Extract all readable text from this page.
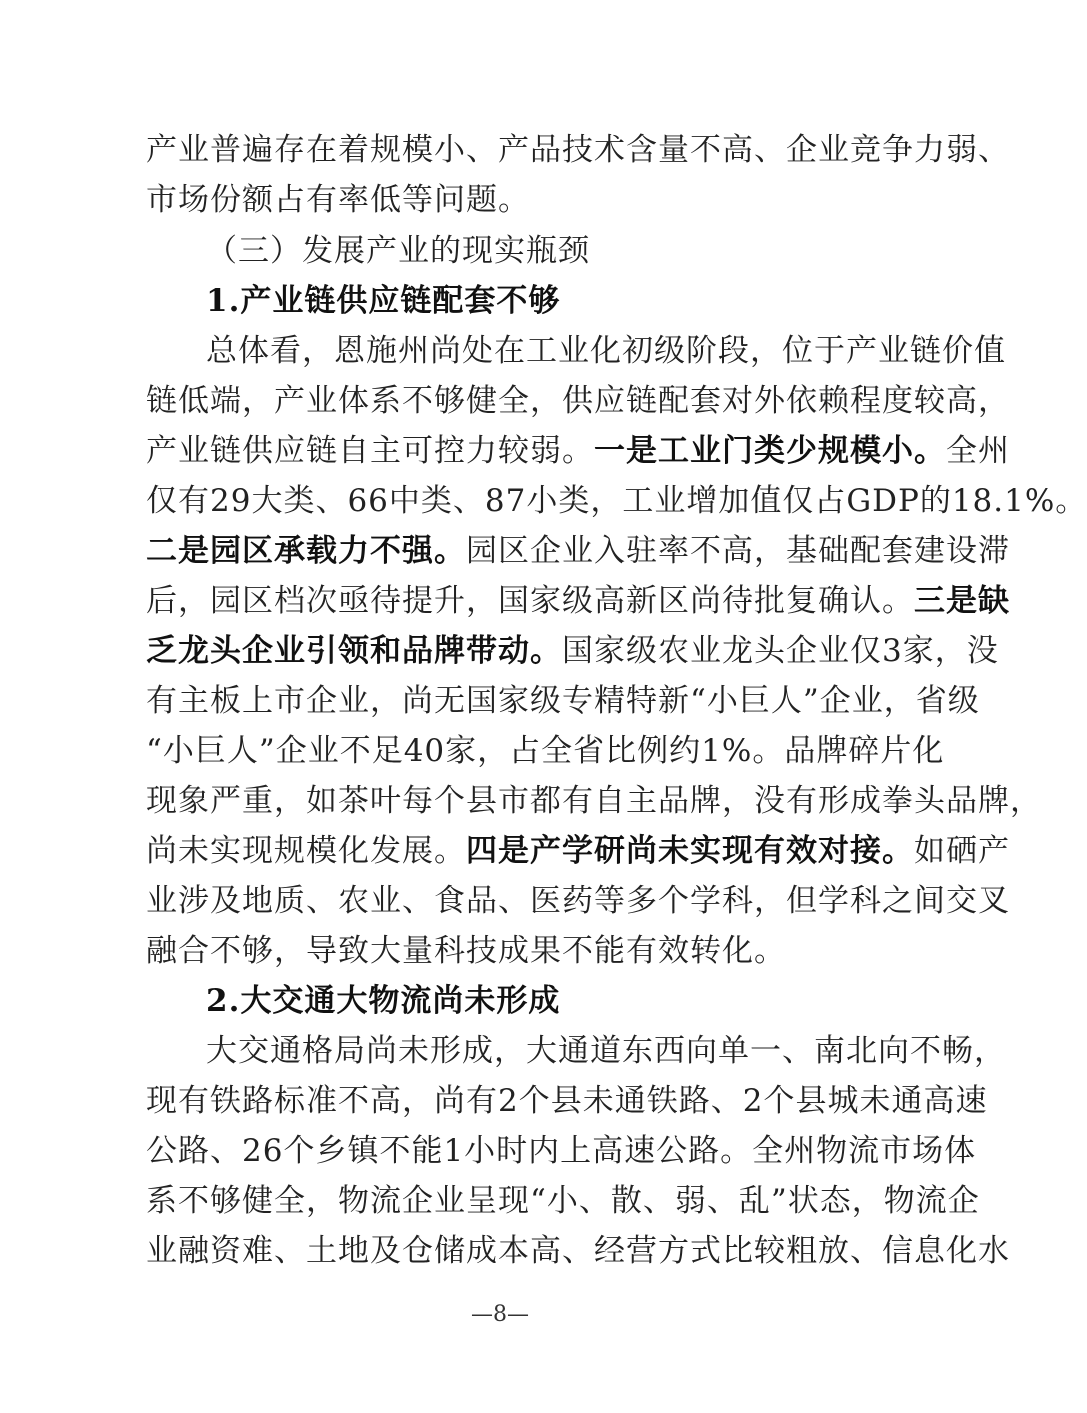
产业普遍存在着规模小、产品技术含量不高、企业竞争力弱、
市场份额占有率低等问题。
（三）发展产业的现实瓶颈
1.产业链供应链配套不够
总体看，恩施州尚处在工业化初级阶段，位于产业链价值
链低端，产业体系不够健全，供应链配套对外依赖程度较高，
产业链供应链自主可控力较弱。一是工业门类少规模小。全州
仅有29大类、66中类、87小类，工业增加值仅占GDP的18.1%。
二是园区承载力不强。园区企业入驻率不高，基础配套建设滞
后，园区档次亟待提升，国家级高新区尚待批复确认。三是缺
乏龙头企业引领和品牌带动。国家级农业龙头企业仅3家，没
有主板上市企业，尚无国家级专精特新“小巨人”企业，省级
“小巨人”企业不足40家，占全省比例约1%。品牌碎片化
现象严重，如茶叶每个县市都有自主品牌，没有形成拳头品牌，
尚未实现规模化发展。四是产学研尚未实现有效对接。如硒产
业涉及地质、农业、食品、医药等多个学科，但学科之间交叉
融合不够，导致大量科技成果不能有效转化。
2.大交通大物流尚未形成
大交通格局尚未形成，大通道东西向单一、南北向不畅，
现有铁路标准不高，尚有2个县未通铁路、2个县城未通高速
公路、26个乡镇不能1小时内上高速公路。全州物流市场体
系不够健全，物流企业呈现“小、散、弱、乱”状态，物流企
业融资难、土地及仓储成本高、经营方式比较粗放、信息化水
—8—
